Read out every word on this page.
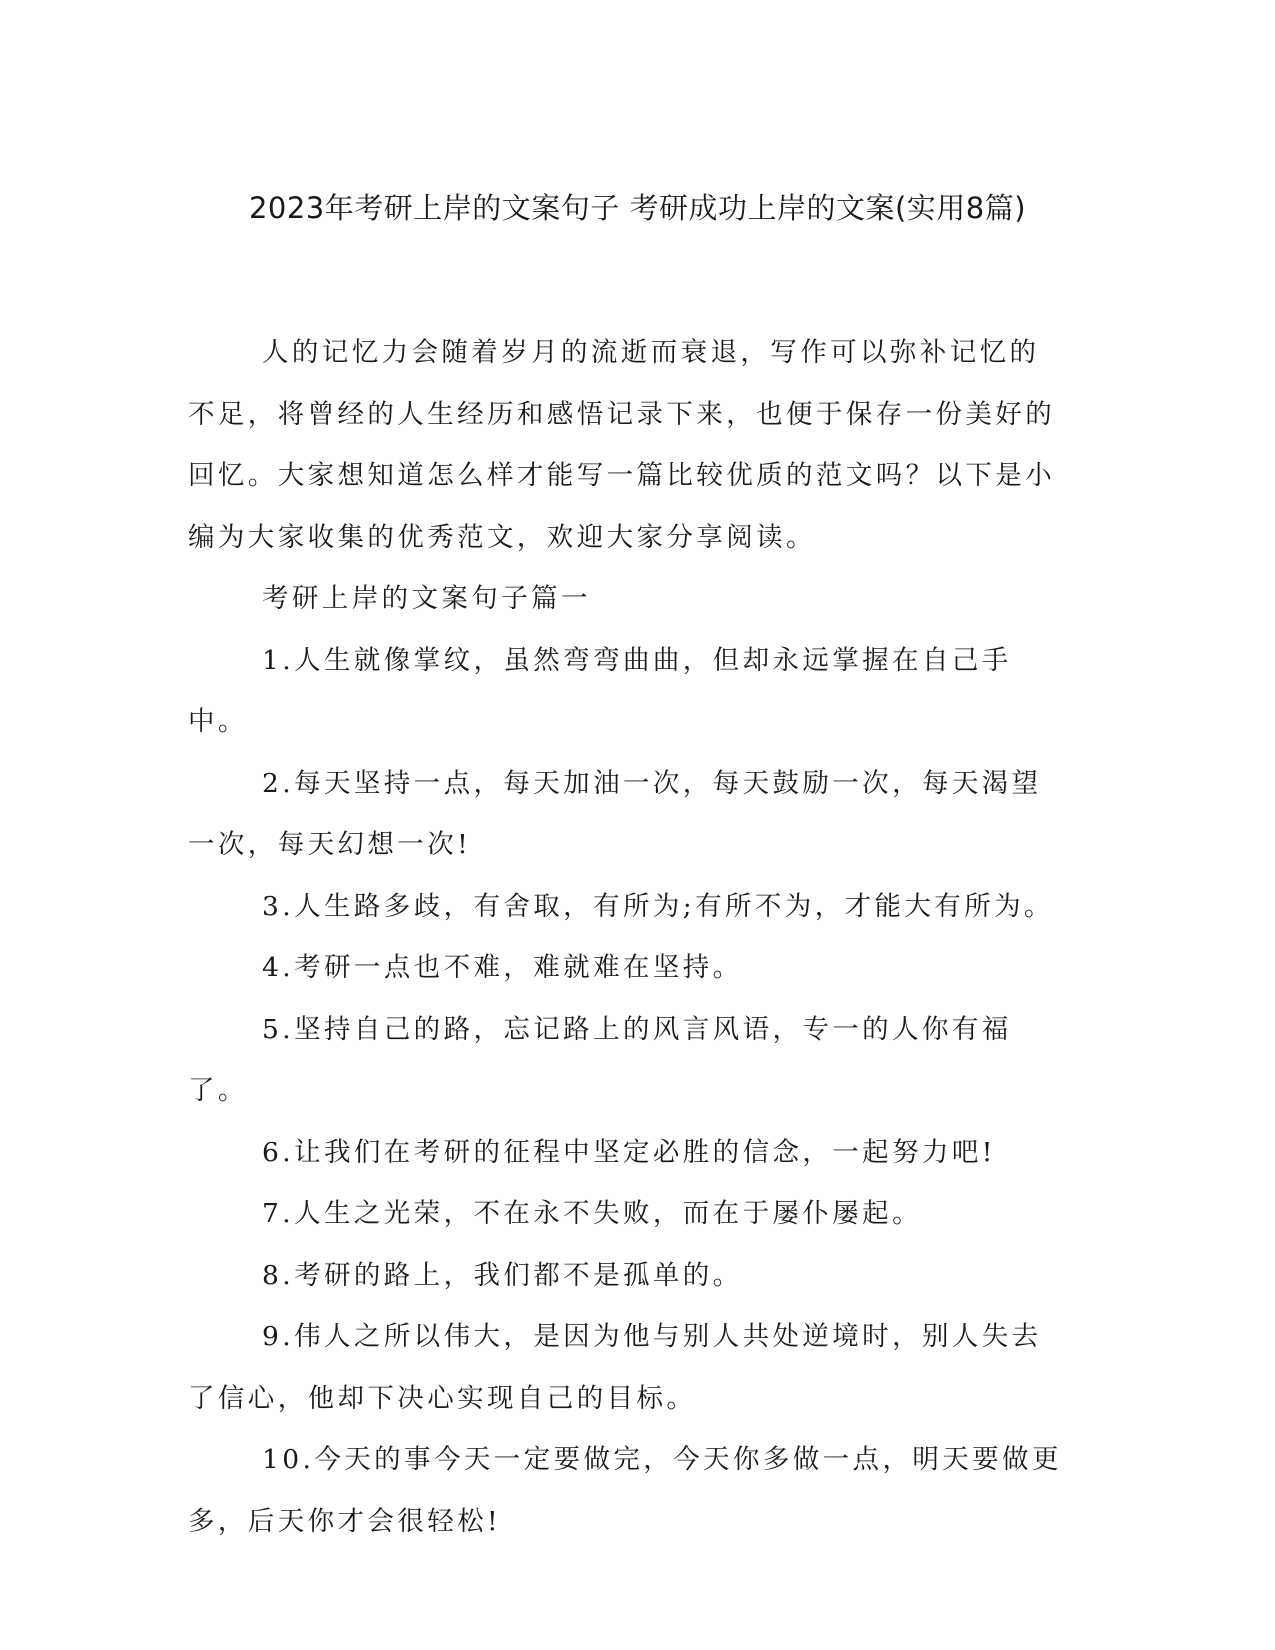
2023年考研上岸的文案句子 考研成功上岸的文案(实用8篇)

人的记忆力会随着岁月的流逝而衰退，写作可以弥补记忆的不足，将曾经的人生经历和感悟记录下来，也便于保存一份美好的回忆。大家想知道怎么样才能写一篇比较优质的范文吗？以下是小编为大家收集的优秀范文，欢迎大家分享阅读。

考研上岸的文案句子篇一

1.人生就像掌纹，虽然弯弯曲曲，但却永远掌握在自己手中。

2.每天坚持一点，每天加油一次，每天鼓励一次，每天渴望一次，每天幻想一次!

3.人生路多歧，有舍取，有所为;有所不为，才能大有所为。

4.考研一点也不难，难就难在坚持。

5.坚持自己的路，忘记路上的风言风语，专一的人你有福了。

6.让我们在考研的征程中坚定必胜的信念，一起努力吧!

7.人生之光荣，不在永不失败，而在于屡仆屡起。

8.考研的路上，我们都不是孤单的。

9.伟人之所以伟大，是因为他与别人共处逆境时，别人失去了信心，他却下决心实现自己的目标。

10.今天的事今天一定要做完，今天你多做一点，明天要做更多，后天你才会很轻松!
